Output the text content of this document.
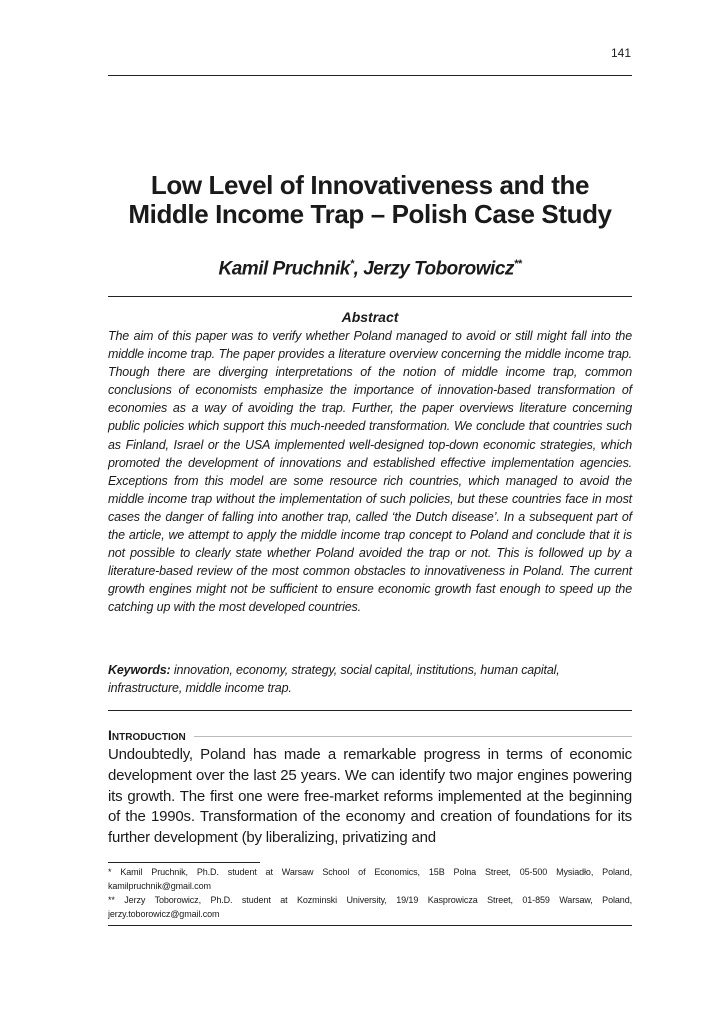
141
Low Level of Innovativeness and the
Middle Income Trap – Polish Case Study
Kamil Pruchnik*, Jerzy Toborowicz**
Abstract

The aim of this paper was to verify whether Poland managed to avoid or still might fall into the middle income trap. The paper provides a literature overview concerning the middle income trap. Though there are diverging interpretations of the notion of middle income trap, common conclusions of economists emphasize the importance of innovation-based transformation of economies as a way of avoiding the trap. Further, the paper overviews literature concerning public policies which support this much-needed transformation. We conclude that countries such as Finland, Israel or the USA implemented well-designed top-down economic strategies, which promoted the development of innovations and established effective implementation agencies. Exceptions from this model are some resource rich countries, which managed to avoid the middle income trap without the implementation of such policies, but these countries face in most cases the danger of falling into another trap, called ‘the Dutch disease’. In a subsequent part of the article, we attempt to apply the middle income trap concept to Poland and conclude that it is not possible to clearly state whether Poland avoided the trap or not. This is followed up by a literature-based review of the most common obstacles to innovativeness in Poland. The current growth engines might not be sufficient to ensure economic growth fast enough to speed up the catching up with the most developed countries.

Keywords: innovation, economy, strategy, social capital, institutions, human capital, infrastructure, middle income trap.

Introduction

Undoubtedly, Poland has made a remarkable progress in terms of economic development over the last 25 years. We can identify two major engines powering its growth. The first one were free-market reforms implemented at the beginning of the 1990s. Transformation of the economy and creation of foundations for its further development (by liberalizing, privatizing and

* Kamil Pruchnik, Ph.D. student at Warsaw School of Economics, 15B Polna Street, 05-500 Mysiadło, Poland, kamilpruchnik@gmail.com

** Jerzy Toborowicz, Ph.D. student at Kozminski University, 19/19 Kasprowicza Street, 01-859 Warsaw, Poland, jerzy.toborowicz@gmail.com
